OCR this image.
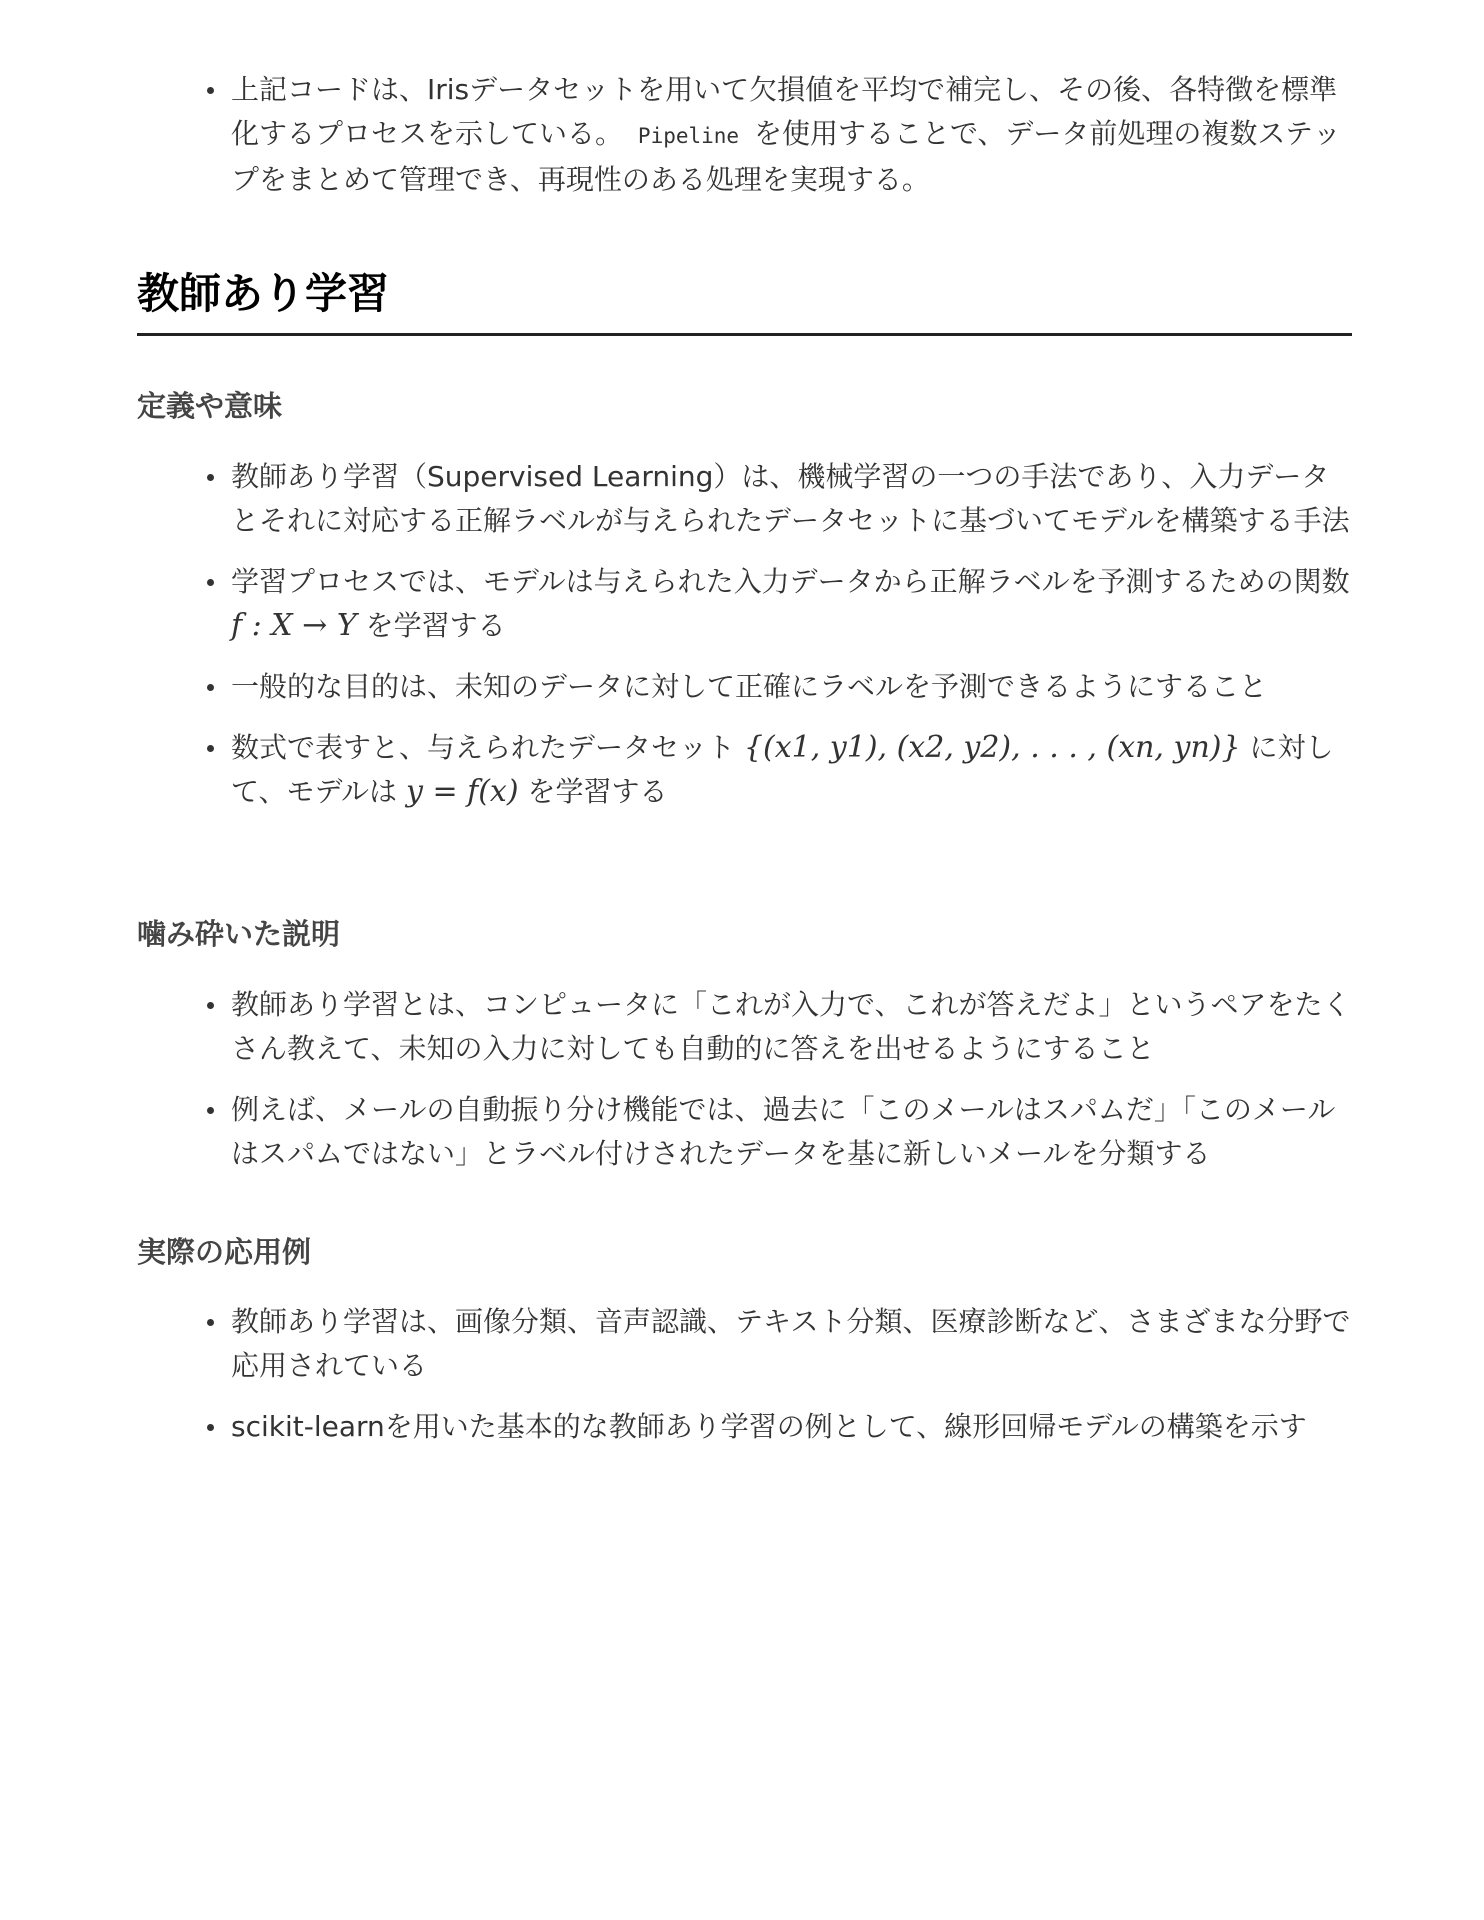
上記コードは、Irisデータセットを用いて欠損値を平均で補完し、その後、各特徴を標準化するプロセスを示している。 Pipeline を使用することで、データ前処理の複数ステップをまとめて管理でき、再現性のある処理を実現する。
教師あり学習
定義や意味
教師あり学習（Supervised Learning）は、機械学習の一つの手法であり、入力データとそれに対応する正解ラベルが与えられたデータセットに基づいてモデルを構築する手法
学習プロセスでは、モデルは与えられた入力データから正解ラベルを予測するための関数 f : X → Y を学習する
一般的な目的は、未知のデータに対して正確にラベルを予測できるようにすること
数式で表すと、与えられたデータセット {(x1, y1), (x2, y2), . . . , (xn, yn)} に対して、モデルは y = f(x) を学習する
噛み砕いた説明
教師あり学習とは、コンピュータに「これが入力で、これが答えだよ」というペアをたくさん教えて、未知の入力に対しても自動的に答えを出せるようにすること
例えば、メールの自動振り分け機能では、過去に「このメールはスパムだ」「このメールはスパムではない」とラベル付けされたデータを基に新しいメールを分類する
実際の応用例
教師あり学習は、画像分類、音声認識、テキスト分類、医療診断など、さまざまな分野で応用されている
scikit-learnを用いた基本的な教師あり学習の例として、線形回帰モデルの構築を示す
